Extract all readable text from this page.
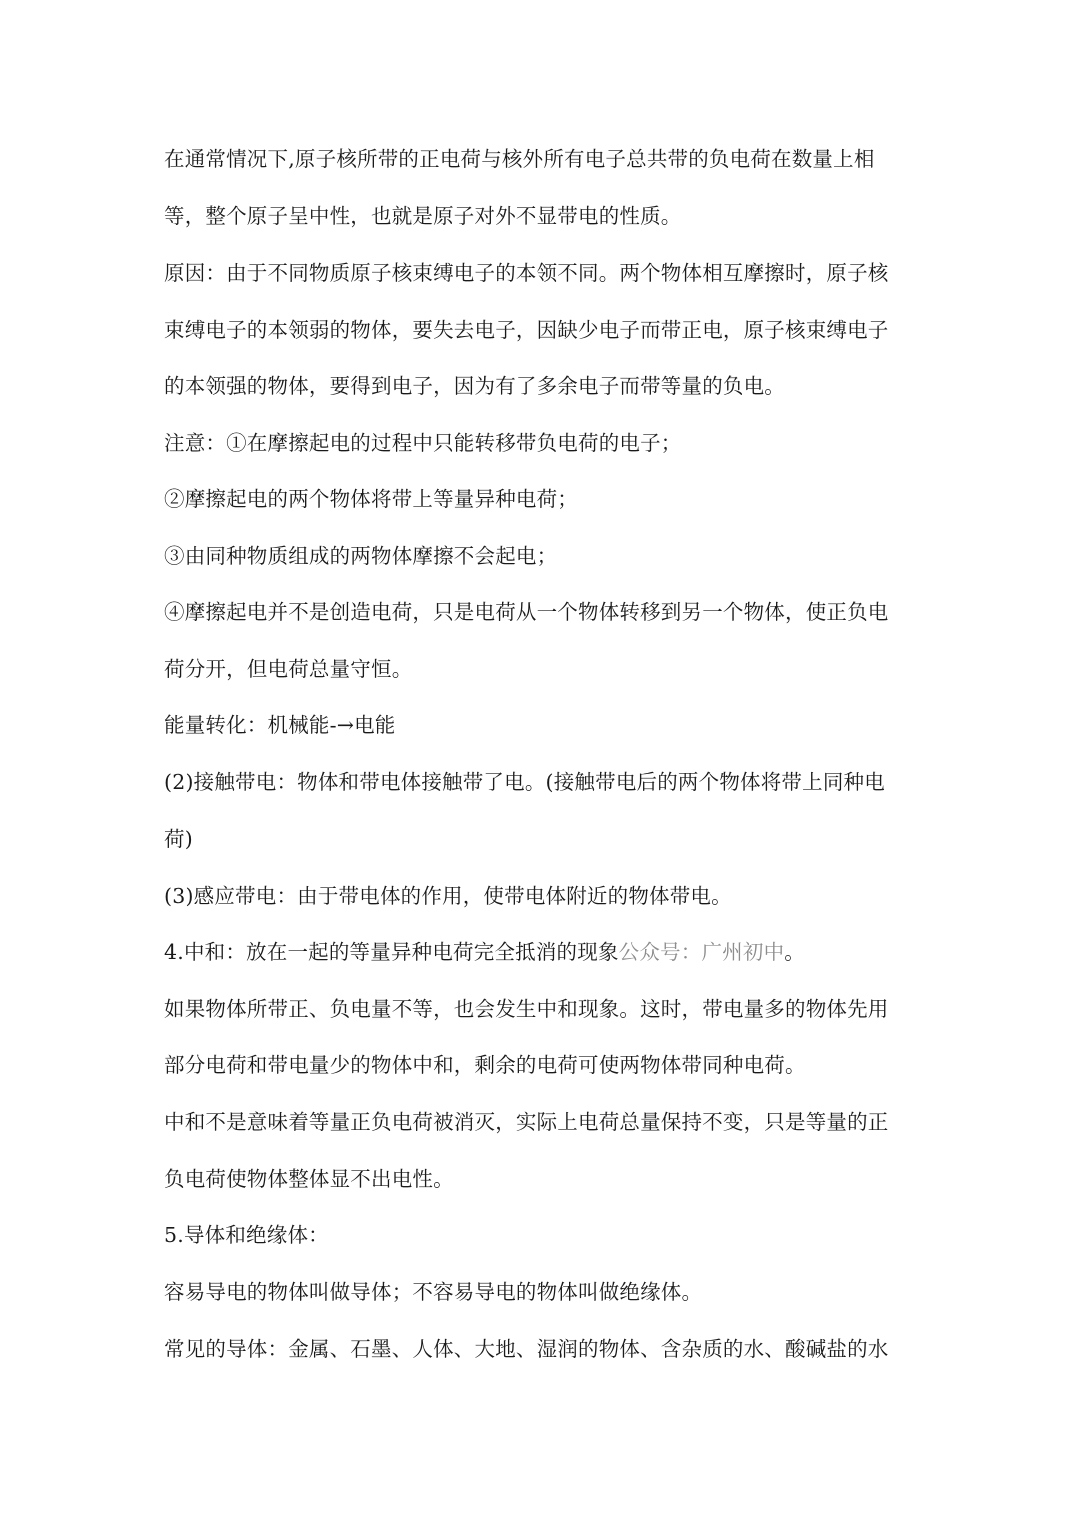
在通常情况下,原子核所带的正电荷与核外所有电子总共带的负电荷在数量上相
等，整个原子呈中性，也就是原子对外不显带电的性质。
原因：由于不同物质原子核束缚电子的本领不同。两个物体相互摩擦时，原子核
束缚电子的本领弱的物体，要失去电子，因缺少电子而带正电，原子核束缚电子
的本领强的物体，要得到电子，因为有了多余电子而带等量的负电。
注意：①在摩擦起电的过程中只能转移带负电荷的电子；
②摩擦起电的两个物体将带上等量异种电荷；
③由同种物质组成的两物体摩擦不会起电；
④摩擦起电并不是创造电荷，只是电荷从一个物体转移到另一个物体，使正负电
荷分开，但电荷总量守恒。
能量转化：机械能-→电能
(2)接触带电：物体和带电体接触带了电。(接触带电后的两个物体将带上同种电
荷)
(3)感应带电：由于带电体的作用，使带电体附近的物体带电。
4.中和：放在一起的等量异种电荷完全抵消的现象公众号：广州初中。
如果物体所带正、负电量不等，也会发生中和现象。这时，带电量多的物体先用
部分电荷和带电量少的物体中和，剩余的电荷可使两物体带同种电荷。
中和不是意味着等量正负电荷被消灭，实际上电荷总量保持不变，只是等量的正
负电荷使物体整体显不出电性。
5.导体和绝缘体：
容易导电的物体叫做导体；不容易导电的物体叫做绝缘体。
常见的导体：金属、石墨、人体、大地、湿润的物体、含杂质的水、酸碱盐的水
